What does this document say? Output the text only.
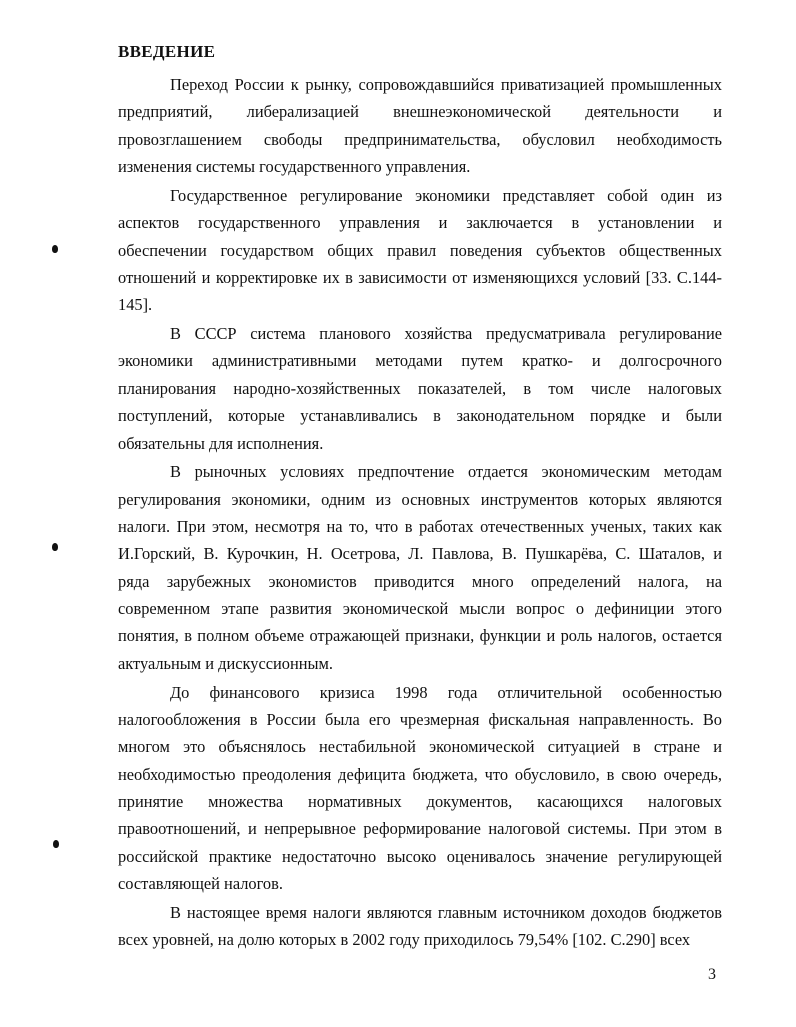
ВВЕДЕНИЕ
Переход России к рынку, сопровождавшийся приватизацией промышленных
предприятий, либерализацией внешнеэкономической деятельности и
провозглашением свободы предпринимательства, обусловил необходимость
изменения системы государственного управления.
Государственное регулирование экономики представляет собой один из
аспектов государственного управления и заключается в установлении и
обеспечении государством общих правил поведения субъектов общественных
отношений и корректировке их в зависимости от изменяющихся условий [33. С.144-
145].
В СССР система планового хозяйства предусматривала регулирование
экономики административными методами путем кратко- и долгосрочного
планирования народно-хозяйственных показателей, в том числе налоговых
поступлений, которые устанавливались в законодательном порядке и были
обязательны для исполнения.
В рыночных условиях предпочтение отдается экономическим методам
регулирования экономики, одним из основных инструментов которых являются
налоги. При этом, несмотря на то, что в работах отечественных ученых, таких как
И.Горский, В. Курочкин, Н. Осетрова, Л. Павлова, В. Пушкарёва, С. Шаталов, и
ряда зарубежных экономистов приводится много определений налога, на
современном этапе развития экономической мысли вопрос о дефиниции этого
понятия, в полном объеме отражающей признаки, функции и роль налогов, остается
актуальным и дискуссионным.
До финансового кризиса 1998 года отличительной особенностью
налогообложения в России была его чрезмерная фискальная направленность. Во
многом это объяснялось нестабильной экономической ситуацией в стране и
необходимостью преодоления дефицита бюджета, что обусловило, в свою очередь,
принятие множества нормативных документов, касающихся налоговых
правоотношений, и непрерывное реформирование налоговой системы. При этом в
российской практике недостаточно высоко оценивалось значение регулирующей
составляющей налогов.
В настоящее время налоги являются главным источником доходов бюджетов
всех уровней, на долю которых в 2002 году приходилось 79,54% [102. С.290] всех
3
